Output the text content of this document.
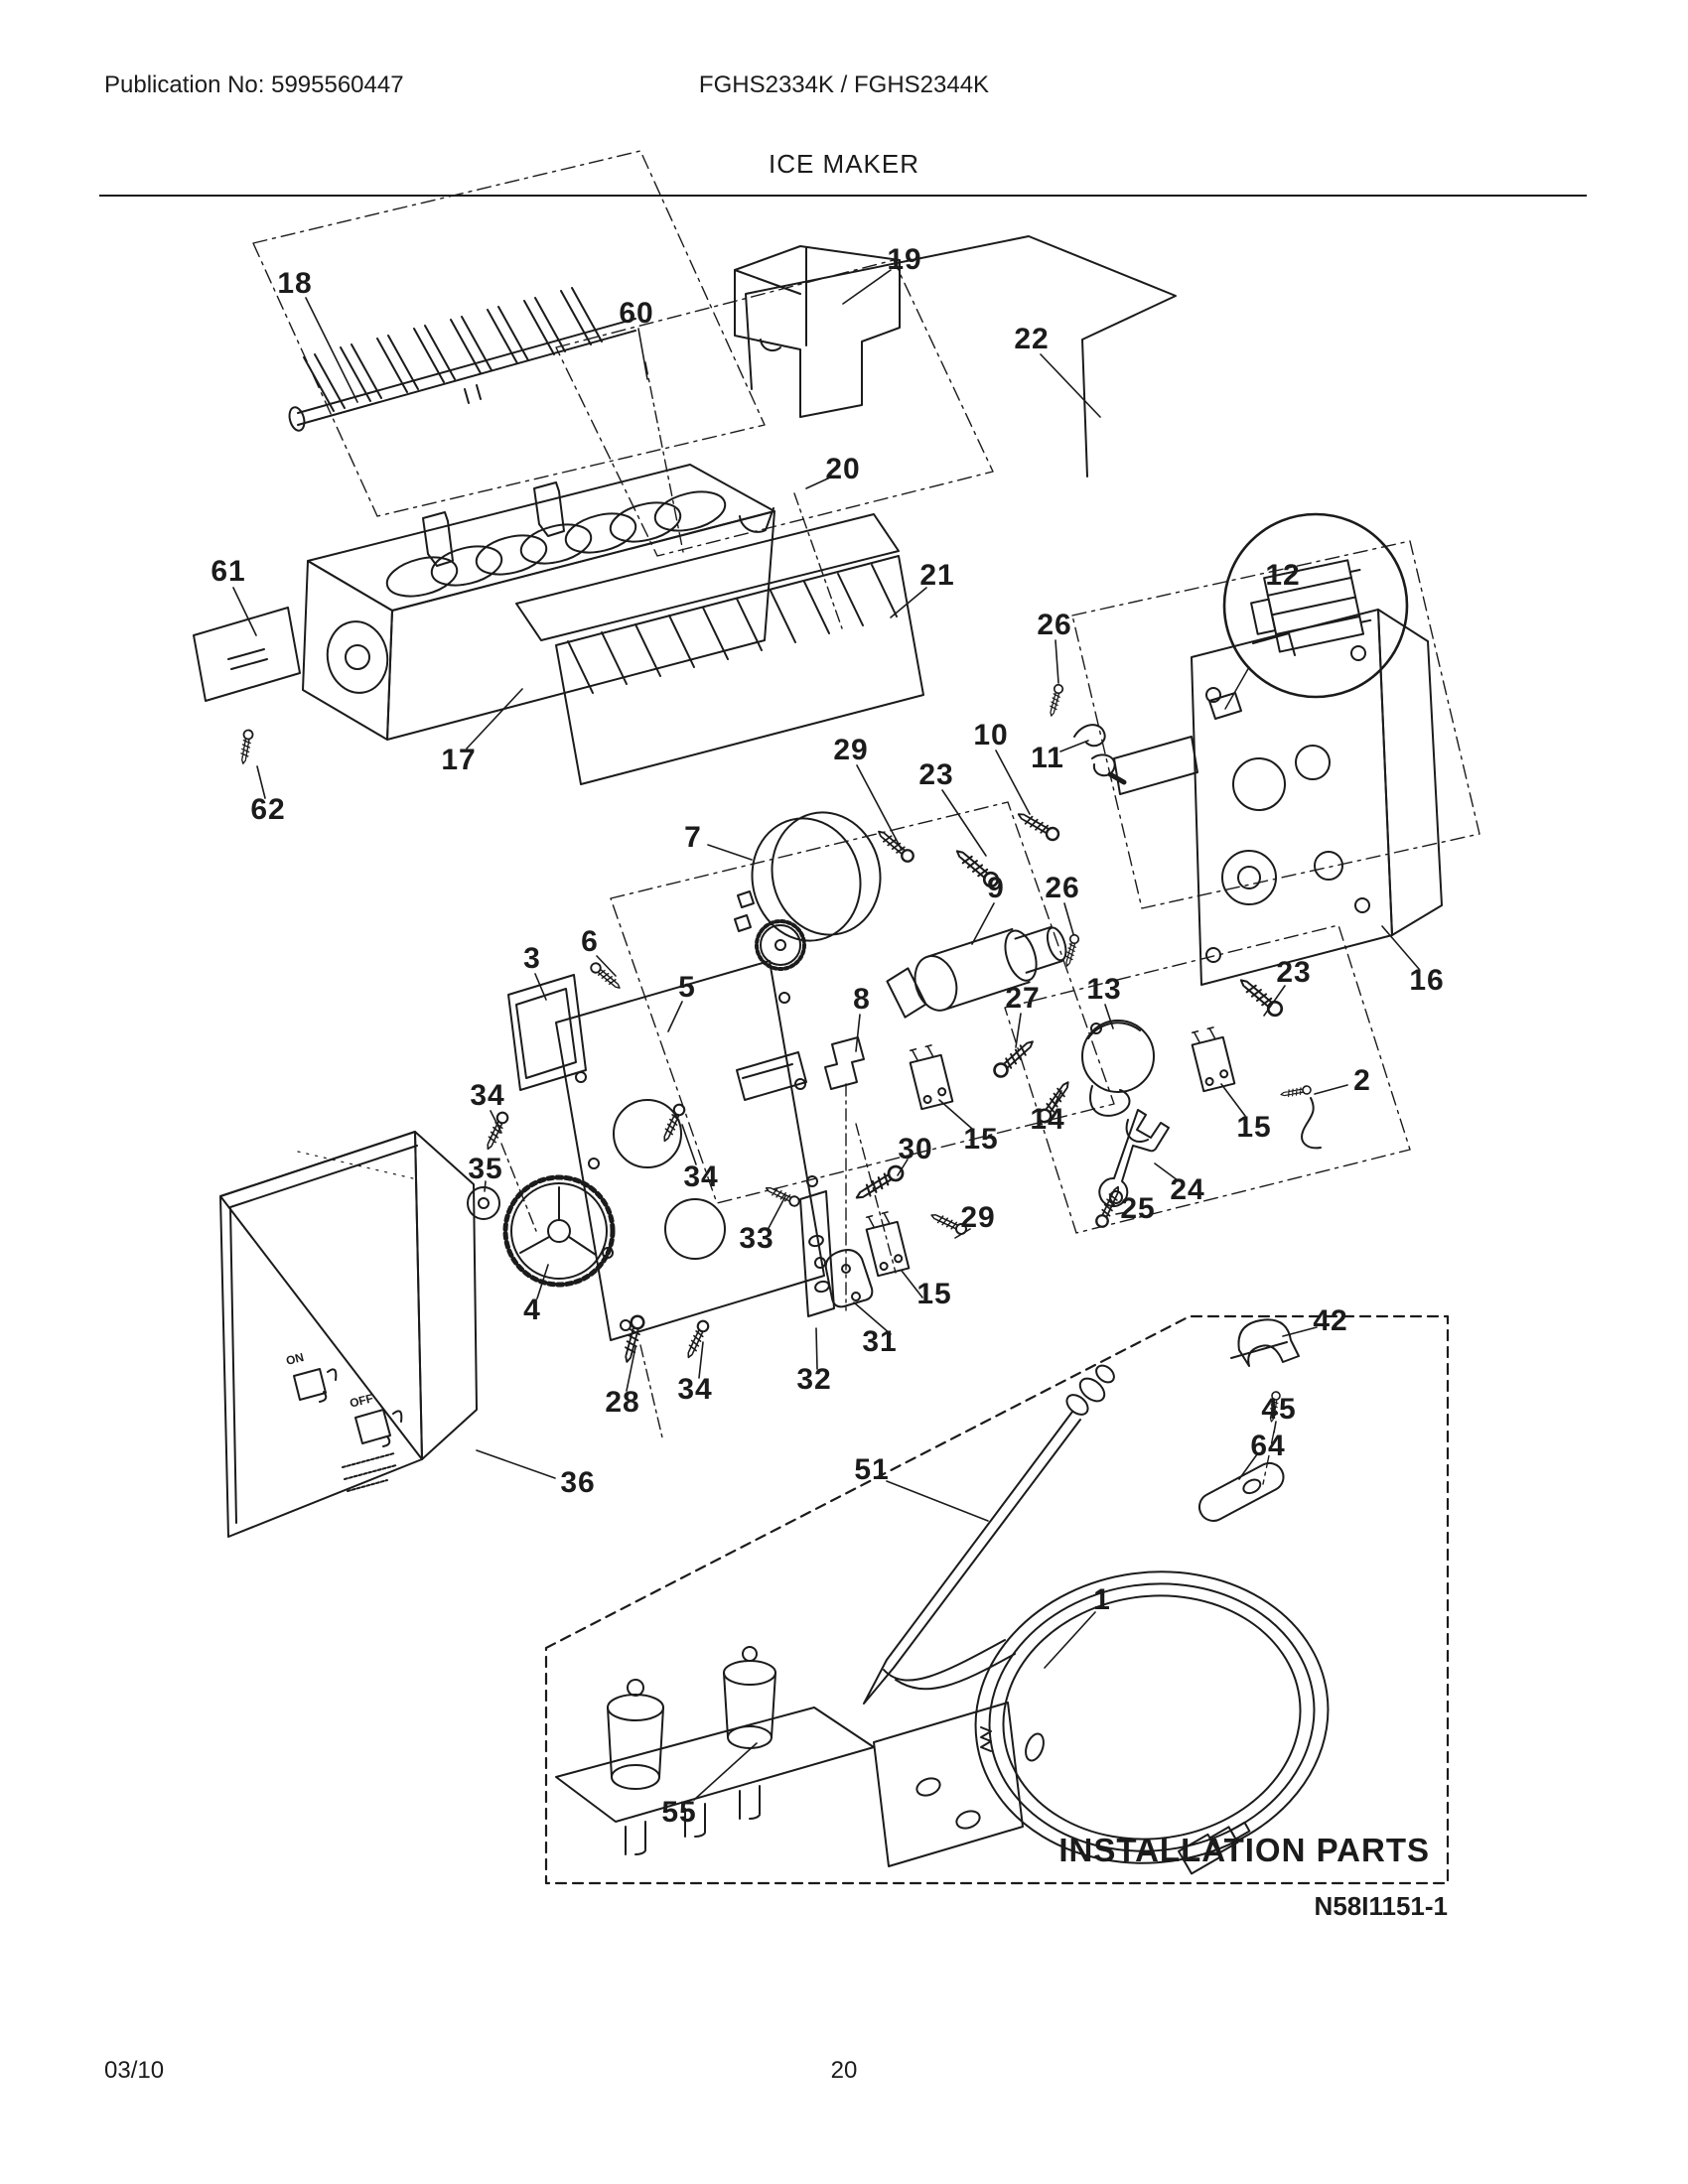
Publication No: 5995560447	FGHS2334K / FGHS2344K
ICE MAKER
18
60
19
22
20
21	12
61
26
10
11
29
23
17
62
7
9 26
13
23	16
3
6
5	8	27
14
15	15
2
34
35	34
30
33
29
24
25
4	15
31
32
28 34
36
42
45
64
51
1
55
ON
OFF
INSTALLATION PARTS
N58I1151-1
03/10	20
